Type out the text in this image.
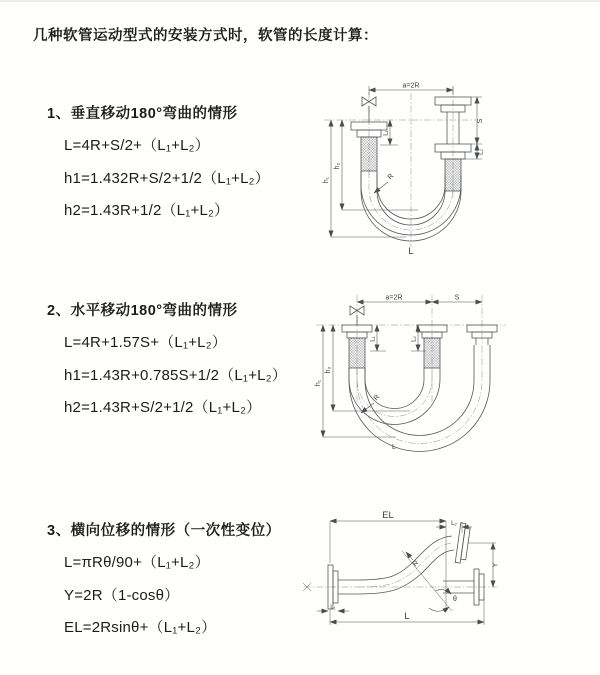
几种软管运动型式的安装方式时，软管的长度计算：
1、垂直移动180°弯曲的情形
L=4R+S/2+（L₁+L₂）
h1=1.432R+S/2+1/2（L₁+L₂）
h2=1.43R+1/2（L₁+L₂）
2、水平移动180°弯曲的情形
L=4R+1.57S+（L₁+L₂）
h1=1.43R+0.785S+1/2（L₁+L₂）
h2=1.43R+S/2+1/2（L₁+L₂）
3、横向位移的情形（一次性变位）
L=πRθ/90+（L₁+L₂）
Y=2R（1-cosθ）
EL=2Rsinθ+（L₁+L₂）
a=2R
h₁
h₂
L₁
S
L₂
R
L
a=2R	S
h₁
h₂
L₁	L₂
R
L
EL
L₂
Y
θ
R
L
L₁
